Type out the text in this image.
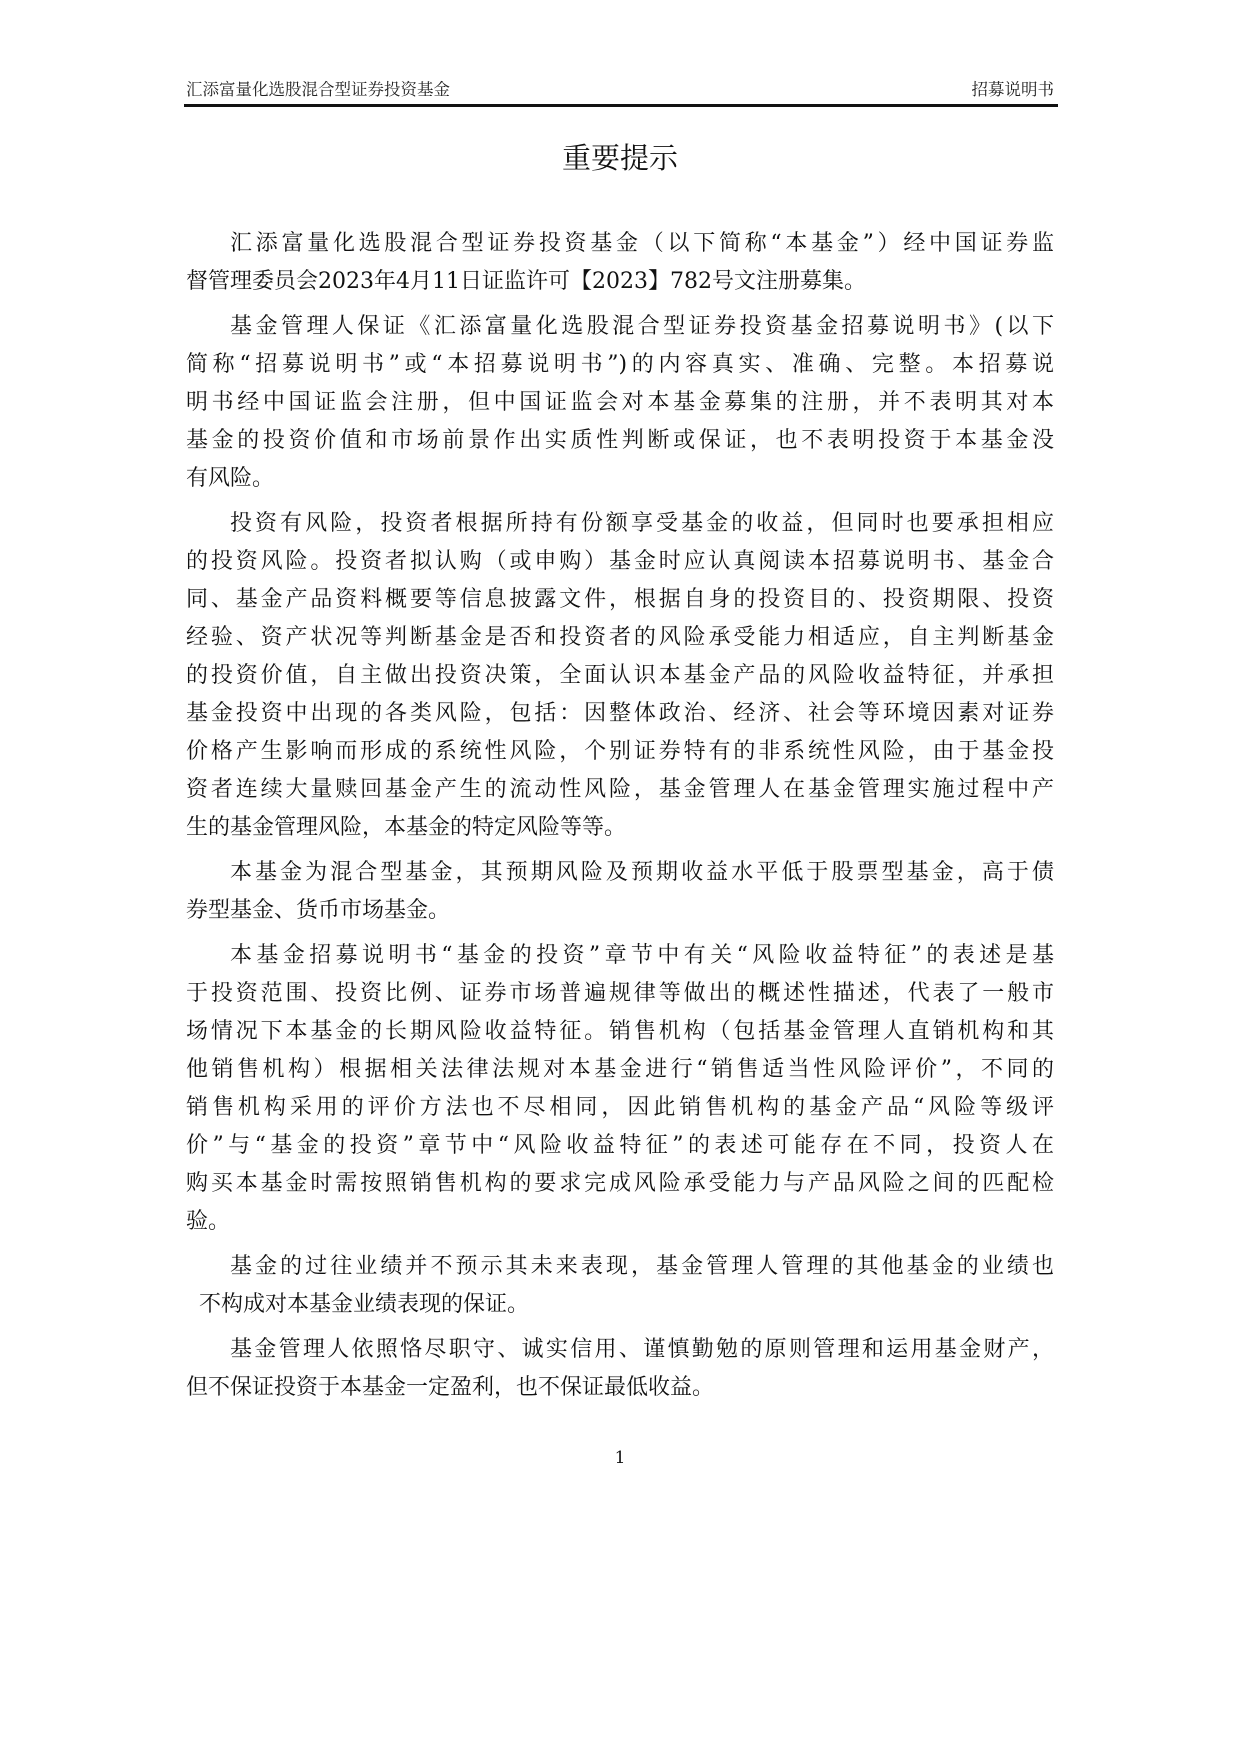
汇添富量化选股混合型证券投资基金	招募说明书
重要提示
汇添富量化选股混合型证券投资基金（以下简称“本基金”）经中国证券监
督管理委员会2023年4月11日证监许可【2023】782号文注册募集。
基金管理人保证《汇添富量化选股混合型证券投资基金招募说明书》(以下
简称“招募说明书”或“本招募说明书”)的内容真实、准确、完整。本招募说
明书经中国证监会注册，但中国证监会对本基金募集的注册，并不表明其对本
基金的投资价值和市场前景作出实质性判断或保证，也不表明投资于本基金没
有风险。
投资有风险，投资者根据所持有份额享受基金的收益，但同时也要承担相应
的投资风险。投资者拟认购（或申购）基金时应认真阅读本招募说明书、基金合
同、基金产品资料概要等信息披露文件，根据自身的投资目的、投资期限、投资
经验、资产状况等判断基金是否和投资者的风险承受能力相适应，自主判断基金
的投资价值，自主做出投资决策，全面认识本基金产品的风险收益特征，并承担
基金投资中出现的各类风险，包括：因整体政治、经济、社会等环境因素对证券
价格产生影响而形成的系统性风险，个别证券特有的非系统性风险，由于基金投
资者连续大量赎回基金产生的流动性风险，基金管理人在基金管理实施过程中产
生的基金管理风险，本基金的特定风险等等。
本基金为混合型基金，其预期风险及预期收益水平低于股票型基金，高于债
券型基金、货币市场基金。
本基金招募说明书“基金的投资”章节中有关“风险收益特征”的表述是基
于投资范围、投资比例、证券市场普遍规律等做出的概述性描述，代表了一般市
场情况下本基金的长期风险收益特征。销售机构（包括基金管理人直销机构和其
他销售机构）根据相关法律法规对本基金进行“销售适当性风险评价”，不同的
销售机构采用的评价方法也不尽相同，因此销售机构的基金产品“风险等级评
价”与“基金的投资”章节中“风险收益特征”的表述可能存在不同，投资人在
购买本基金时需按照销售机构的要求完成风险承受能力与产品风险之间的匹配检
验。
基金的过往业绩并不预示其未来表现，基金管理人管理的其他基金的业绩也
不构成对本基金业绩表现的保证。
基金管理人依照恪尽职守、诚实信用、谨慎勤勉的原则管理和运用基金财产，
但不保证投资于本基金一定盈利，也不保证最低收益。
1
